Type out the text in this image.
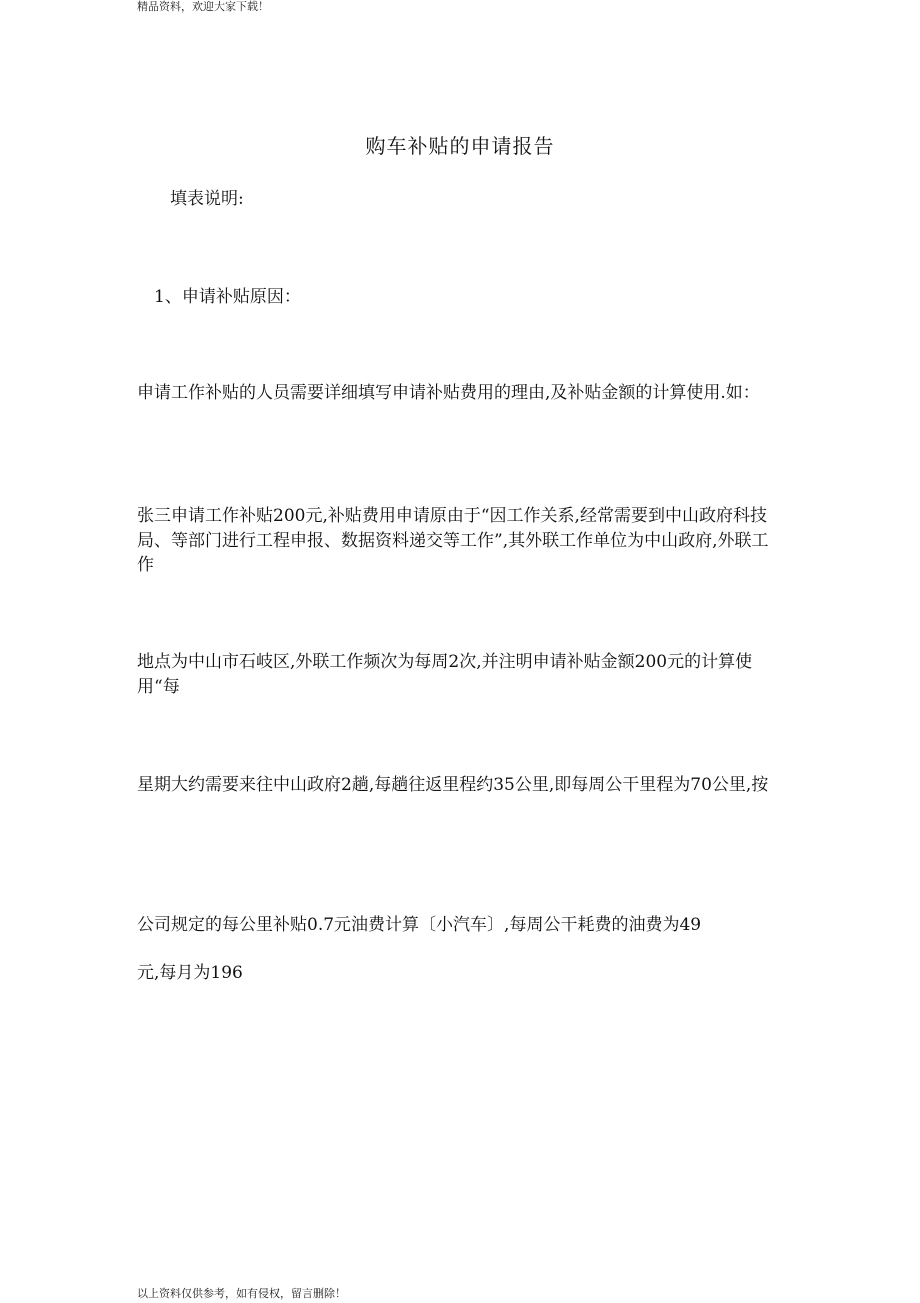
精品资料，欢迎大家下载！
购车补贴的申请报告
填表说明:
1、申请补贴原因：

申请工作补贴的人员需要详细填写申请补贴费用的理由,及补贴金额的计算使用.如：

张三申请工作补贴200元,补贴费用申请原由于“因工作关系,经常需要到中山政府科技局、等部门进行工程申报、数据资料递交等工作”,其外联工作单位为中山政府,外联工作

地点为中山市石岐区,外联工作频次为每周2次,并注明申请补贴金额200元的计算使用“每

星期大约需要来往中山政府2趟,每趟往返里程约35公里,即每周公干里程为70公里,按

公司规定的每公里补贴0.7元油费计算〔小汽车〕,每周公干耗费的油费为49

元,每月为196

以上资料仅供参考，如有侵权，留言删除！
